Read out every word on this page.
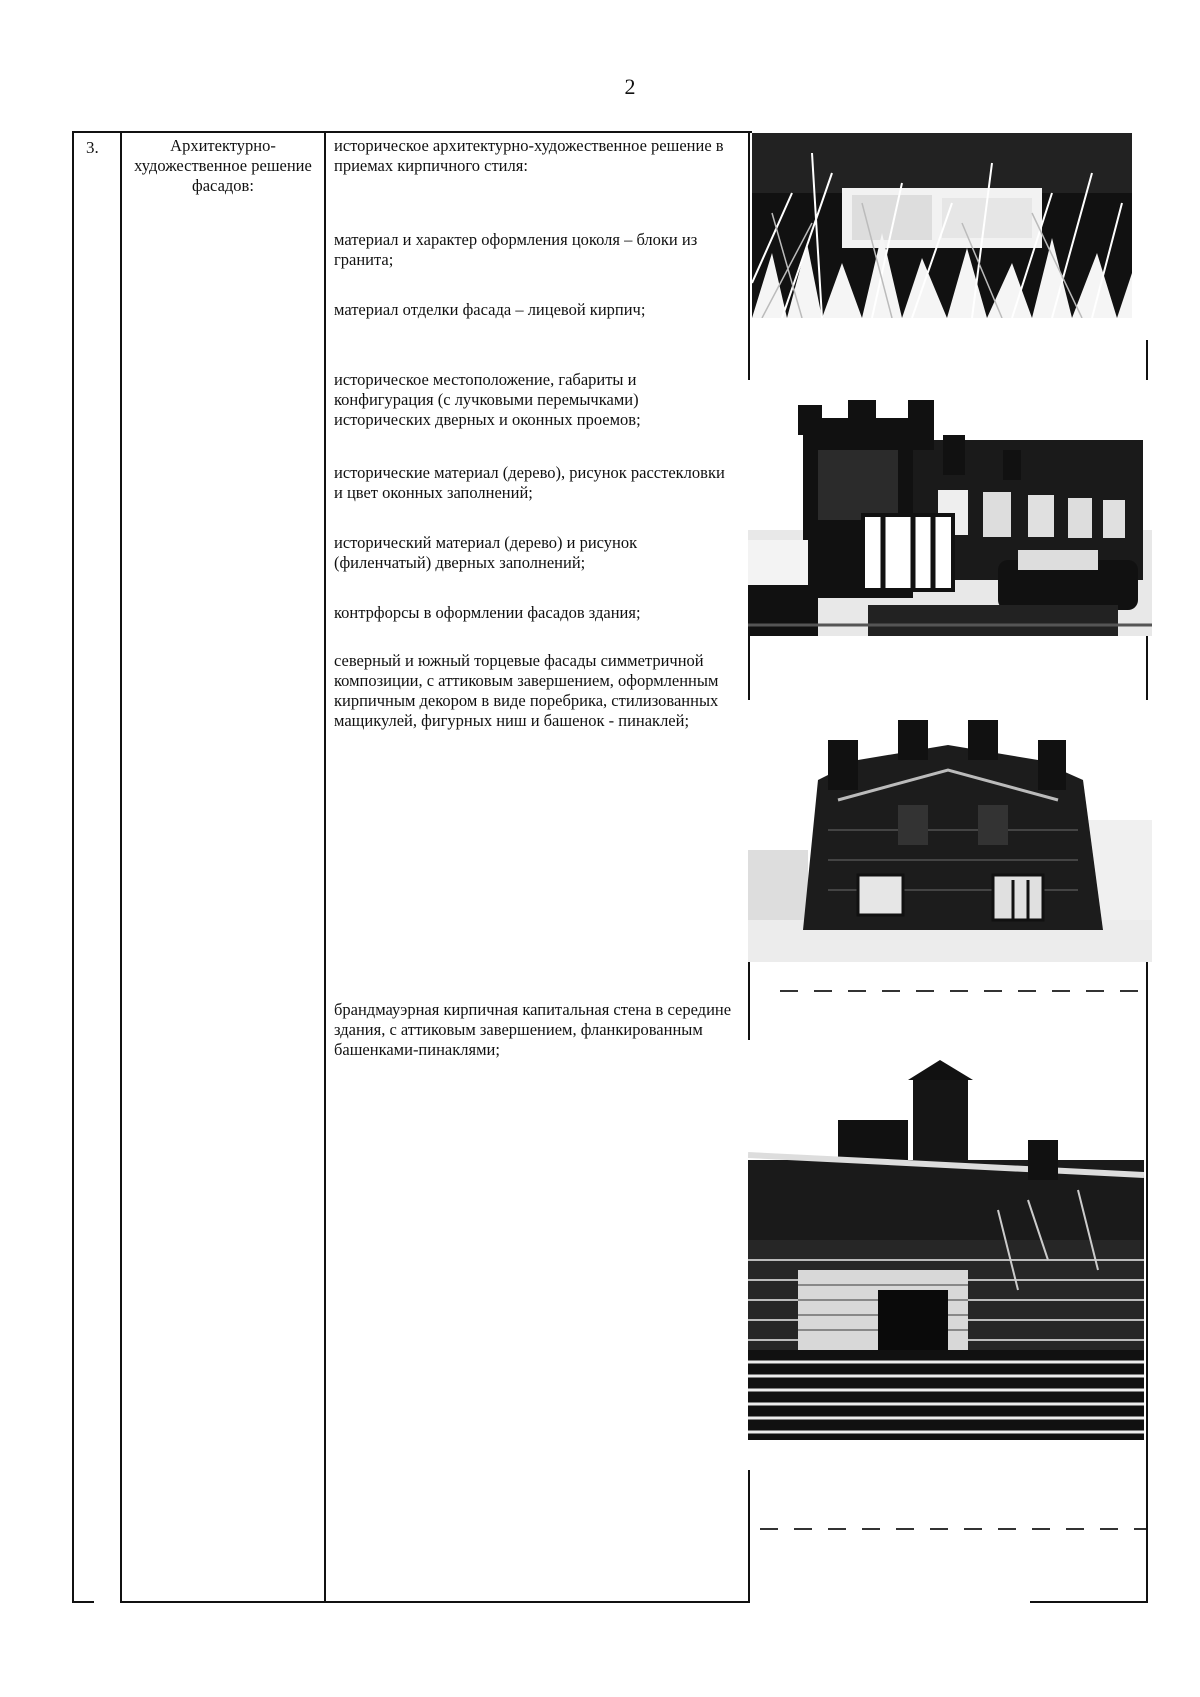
2
3.	Архитектурно-художественное решение фасадов:
историческое архитектурно-художественное решение в приемах кирпичного стиля:
материал и характер оформления цоколя – блоки из гранита;
материал отделки фасада – лицевой кирпич;
историческое местоположение, габариты и конфигурация (с лучковыми перемычками) исторических дверных и оконных проемов;
исторические материал (дерево), рисунок расстекловки и цвет оконных заполнений;
исторический материал (дерево) и рисунок (филенчатый) дверных заполнений;
контрфорсы в оформлении фасадов здания;
северный и южный торцевые фасады симметричной композиции, с аттиковым завершением, оформленным кирпичным декором в виде поребрика, стилизованных мащикулей, фигурных ниш и башенок - пинаклей;
брандмауэрная кирпичная капитальная стена в середине здания, с аттиковым завершением, фланкированным башенками-пинаклями;
